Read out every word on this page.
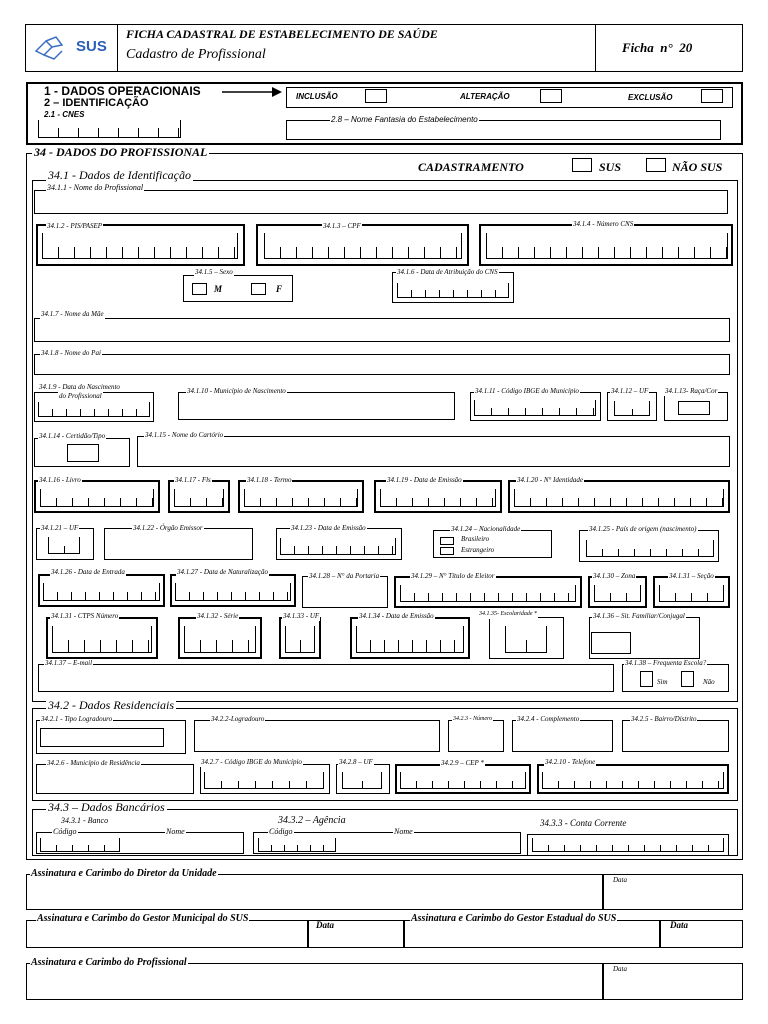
SUS
FICHA CADASTRAL DE ESTABELECIMENTO DE SAÚDE
Cadastro de Profissional	Ficha  n°  20
1 - DADOS OPERACIONAIS
2 – IDENTIFICAÇÃO
INCLUSÃO	ALTERAÇÃO	EXCLUSÃO
2.1 - CNES
2.8 – Nome Fantasia do Estabelecimento
34 - DADOS DO PROFISSIONAL
CADASTRAMENTO	SUS	NÃO SUS
34.1 - Dados de Identificação
34.1.1 - Nome do Profissional
34.1.2 - PIS/PASEP	34.1.3 – CPF	34.1.4 - Número CNS
34.1.5 – Sexo
M	F
34.1.6 - Data de Atribuição do CNS
34.1.7 - Nome da Mãe
34.1.8 - Nome do Pai
34.1.9 - Data do Nascimento
do Profissional
34.1.10 - Município de Nascimento	34.1.11 - Código IBGE do Município	34.1.12 – UF 34.1.13- Raça/Cor
34.1.14 - Certidão/Tipo	34.1.15 - Nome do Cartório
34.1.16 - Livro	34.1.17 - Fls	34.1.18 - Termo	34.1.19 - Data de Emissão	34.1.20 - N° Identidade
34.1.21 – UF	34.1.22 - Órgão Emissor	34.1.23 - Data de Emissão	34.1.24 – Nacionalidade
Brasileiro
Estrangeiro
34.1.25 - País de origem (nascimento)
34.1.26 - Data de Entrada	34.1.27 - Data de Naturalização	34.1.28 – N° da Portaria	34.1.29 – N° Título de Eleitor	34.1.30 – Zona	34.1.31 – Seção
34.1.31 - CTPS Número	34.1.32 - Série	34.1.33 - UF	34.1.34 - Data de Emissão	34.1.35- Escolaridade *	34.1.36 – Sit. Familiar/Conjugal
34.1.37 – E-mail	34.1.38 – Frequenta Escola?
Sim	Não
34.2 - Dados Residenciais
34.2.1 - Tipo Logradouro	34.2.2-Logradouro	34.2.3 - Número	34.2.4 - Complemento	34.2.5 - Bairro/Distrito
34.2.6 - Município de Residência	34.2.7 - Código IBGE do Município	34.2.8 – UF	34.2.9 – CEP *	34.2.10 - Telefone
34.3 – Dados Bancários
34.3.1 - Banco
Código	Nome
34.3.2 – Agência
Código	Nome
34.3.3 - Conta Corrente
Assinatura e Carimbo do Diretor da Unidade
Data
Assinatura e Carimbo do Gestor Municipal do SUS
Data
Assinatura e Carimbo do Gestor Estadual do SUS
Data
Assinatura e Carimbo do Profissional
Data
